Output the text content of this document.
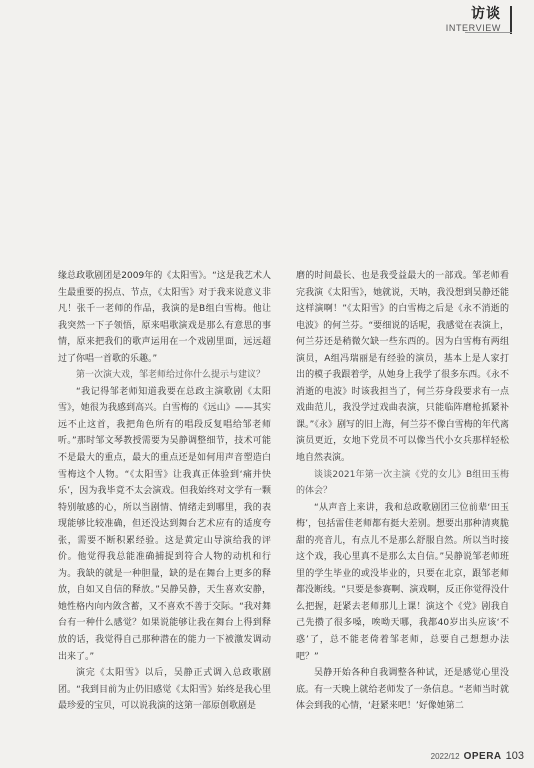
访谈
INTERVIEW

缘总政歌剧团是2009年的《太阳雪》。“这是我艺术人生最重要的拐点、节点，《太阳雪》对于我来说意义非凡！张千一老师的作品，我演的是B组白雪梅。他让我突然一下子领悟，原来唱歌演戏是那么有意思的事情，原来把我们的歌声运用在一个戏剧里面，远远超过了你唱一首歌的乐趣。”

第一次演大戏，邹老师给过你什么提示与建议？

“我记得邹老师知道我要在总政主演歌剧《太阳雪》，她很为我感到高兴。白雪梅的《远山》——其实远不止这首，我把角色所有的唱段反复唱给邹老师听。”那时邹文琴教授需要为吴静调整细节，技术可能不是最大的重点，最大的重点还是如何用声音塑造白雪梅这个人物。“《太阳雪》让我真正体验到‘痛并快乐’，因为我毕竟不太会演戏。但我始终对文学有一颗特别敏感的心，所以当剧情、情绪走到哪里，我的表现能够比较准确，但还没达到舞台艺术应有的适度夸张，需要不断积累经验。这是黄定山导演给我的评价。他觉得我总能准确捕捉到符合人物的动机和行为。我缺的就是一种胆量，缺的是在舞台上更多的释放，自如又自信的释放。”吴静吴静，天生喜欢安静，她性格内向内敛含蓄，又不喜欢不善于交际。“我对舞台有一种什么感觉？如果说能够让我在舞台上得到释放的话，我觉得自己那种潜在的能力一下被激发调动出来了。”

演完《太阳雪》以后，吴静正式调入总政歌剧团。“我到目前为止仍旧感觉《太阳雪》始终是我心里最珍爱的宝贝，可以说我演的这第一部原创歌剧是

磨的时间最长、也是我受益最大的一部戏。邹老师看完我演《太阳雪》，她就说，天呐，我没想到吴静还能这样演啊！”《太阳雪》的白雪梅之后是《永不消逝的电波》的何兰芬。“要细说的话呢，我感觉在表演上，何兰芬还是稍微欠缺一些东西的。因为白雪梅有两组演员，A组冯瑞丽是有经验的演员，基本上是人家打出的模子我跟着学，从她身上我学了很多东西。《永不消逝的电波》时该我担当了，何兰芬身段要求有一点戏曲范儿，我没学过戏曲表演，只能临阵磨枪抓紧补课。”《永》剧写的旧上海，何兰芬不像白雪梅的年代离演员更近，女地下党员不可以像当代小女兵那样轻松地自然表演。

谈谈2021年第一次主演《党的女儿》B组田玉梅的体会？

“从声音上来讲，我和总政歌剧团三位前辈‘田玉梅’，包括雷佳老师都有挺大差别。想要出那种清爽脆甜的亮音儿，有点儿不是那么舒服自然。所以当时接这个戏，我心里真不是那么太自信。”吴静说邹老师班里的学生毕业的或没毕业的，只要在北京，跟邹老师都没断线。“只要是参赛啊、演戏啊，反正你觉得没什么把握，赶紧去老师那儿上课！演这个《党》剧我自己先攒了很多嗓，唉呦天哪，我都40岁出头应该‘不惑’了，总不能老倚着邹老师，总要自己想想办法吧？”

吴静开始各种自我调整各种试，还是感觉心里没底。有一天晚上就给老师发了一条信息。“老师当时就体会到我的心情，‘赶紧来吧！’好像她第二

2022/12 OPERA 103
